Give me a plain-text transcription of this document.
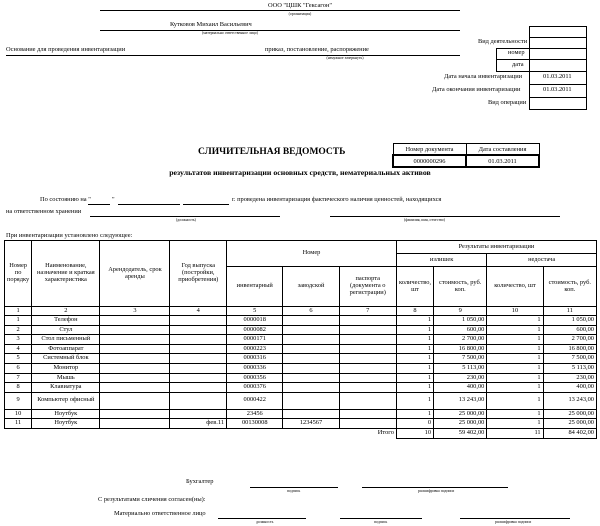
ООО "ЦШК "Гексагон"
(организация)
Кутковов Михаил Васильевич
(материально ответственное лицо)
Основание для проведения инвентаризации	приказ, постановление, распоряжение
(ненужное зачеркнуть)
Вид деятельности
номер
дата
Дата начала инвентаризации	01.03.2011
Дата окончания инвентаризации	01.03.2011
Вид операции
Номер документа	Дата составления
0000000296	01.03.2011
СЛИЧИТЕЛЬНАЯ ВЕДОМОСТЬ
результатов инвентаризации основных средств, нематериальных активов
По состоянию на "	"	г. проведена инвентаризация фактического наличия ценностей, находящихся
на ответственном хранении
(должность)	(фамилия, имя, отчество)
При инвентаризации установлено следующее:
Номер по порядку	Наименование, назначение и краткая характеристика	Арендодатель, срок аренды	Год выпуска (постройки, приобретения)	Номер			Результаты инвентаризации			
							излишек		недостача	
				инвентарный	заводской	паспорта (документа о регистрации)	количество, шт	стоимость, руб. коп.	количество, шт	стоимость, руб. коп.
1	2	3	4	5	6	7	8	9	10	11
1	Телефон			0000018			1	1 050,00	1	1 050,00
2	Стул			0000082			1	600,00	1	600,00
3	Стол письменный			0000171			1	2 700,00	1	2 700,00
4	Фотоаппарат			0000223			1	16 800,00	1	16 800,00
5	Системный блок			0000316			1	7 500,00	1	7 500,00
6	Монитор			0000336			1	5 113,00	1	5 113,00
7	Мышь			0000356			1	230,00	1	230,00
8	Клавиатура			0000376			1	400,00	1	400,00
9	Компьютер офисный			0000422			1	13 243,00	1	13 243,00
10	Ноутбук			23456			1	25 000,00	1	25 000,00
11	Ноутбук		фев.11	00130008	1234567		0	25 000,00	1	25 000,00
Итого							10	59 402,00	11	84 402,00
Бухгалтер
подпись	расшифровка подписи
С результатами сличения согласен(ны):
Материально ответственное лицо
должность	подпись	расшифровка подписи
